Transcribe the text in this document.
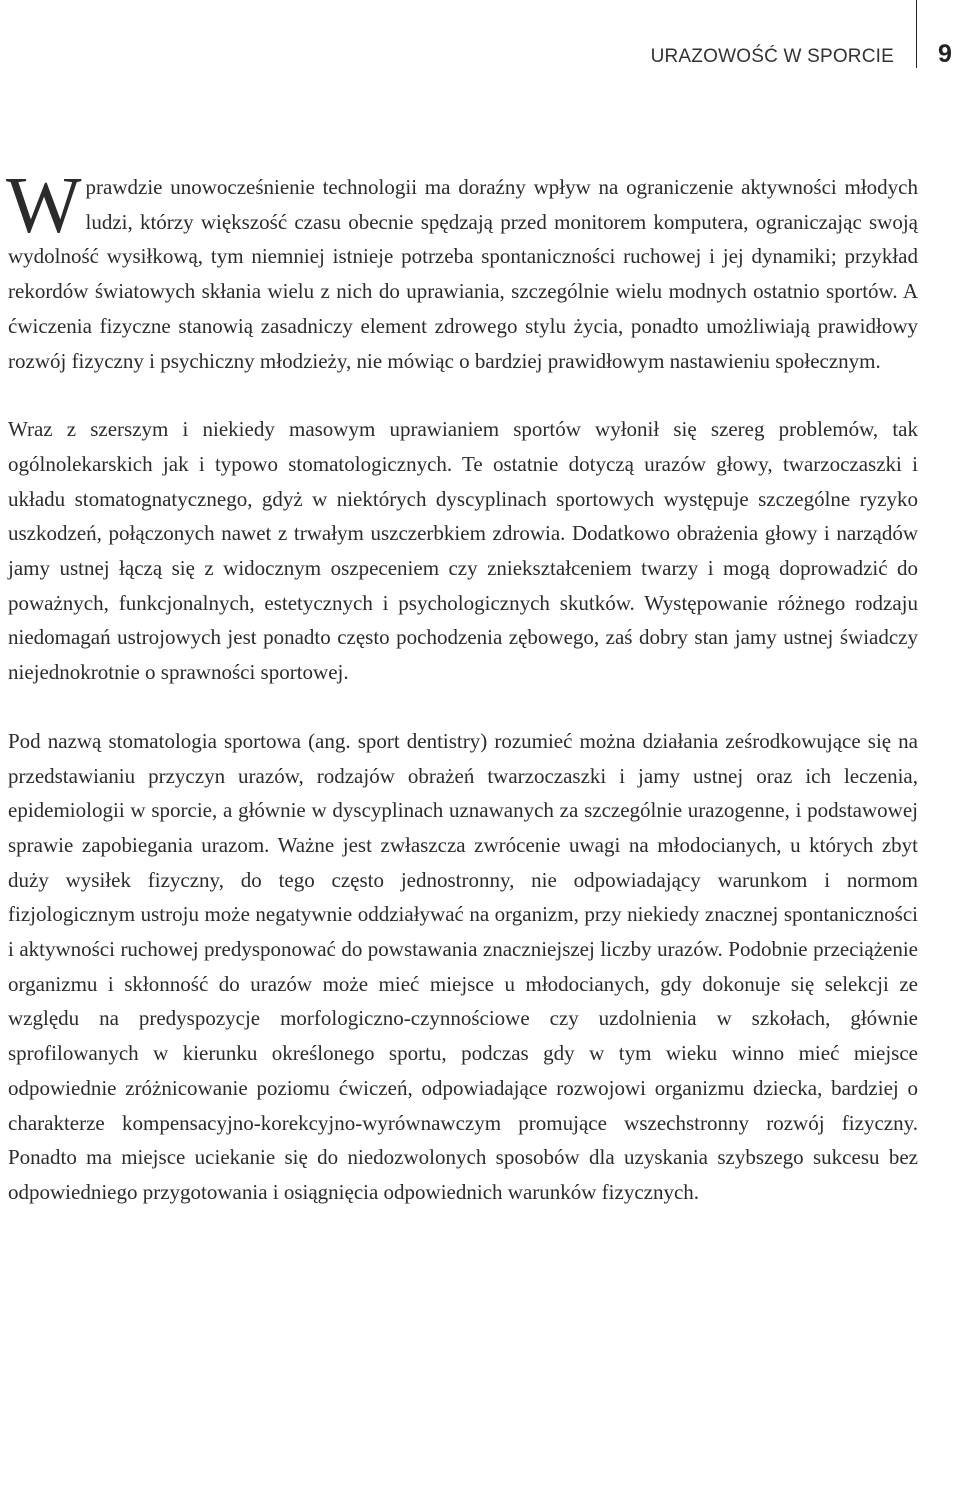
URAZOWOŚĆ W SPORCIE 9

Wprawdzie unowocześnienie technologii ma doraźny wpływ na ograniczenie aktywności młodych ludzi, którzy większość czasu obecnie spędzają przed monitorem komputera, ograniczając swoją wydolność wysiłkową, tym niemniej istnieje potrzeba spontaniczności ruchowej i jej dynamiki; przykład rekordów światowych skłania wielu z nich do uprawiania, szczególnie wielu modnych ostatnio sportów. A ćwiczenia fizyczne stanowią zasadniczy element zdrowego stylu życia, ponadto umożliwiają prawidłowy rozwój fizyczny i psychiczny młodzieży, nie mówiąc o bardziej prawidłowym nastawieniu społecznym.

Wraz z szerszym i niekiedy masowym uprawianiem sportów wyłonił się szereg problemów, tak ogólnolekarskich jak i typowo stomatologicznych. Te ostatnie dotyczą urazów głowy, twarzoczaszki i układu stomatognatycznego, gdyż w niektórych dyscyplinach sportowych występuje szczególne ryzyko uszkodzeń, połączonych nawet z trwałym uszczerbkiem zdrowia. Dodatkowo obrażenia głowy i narządów jamy ustnej łączą się z widocznym oszpeceniem czy zniekształceniem twarzy i mogą doprowadzić do poważnych, funkcjonalnych, estetycznych i psychologicznych skutków. Występowanie różnego rodzaju niedomagań ustrojowych jest ponadto często pochodzenia zębowego, zaś dobry stan jamy ustnej świadczy niejednokrotnie o sprawności sportowej.

Pod nazwą stomatologia sportowa (ang. sport dentistry) rozumieć można działania ześrodkowujące się na przedstawianiu przyczyn urazów, rodzajów obrażeń twarzoczaszki i jamy ustnej oraz ich leczenia, epidemiologii w sporcie, a głównie w dyscyplinach uznawanych za szczególnie urazogenne, i podstawowej sprawie zapobiegania urazom. Ważne jest zwłaszcza zwrócenie uwagi na młodocianych, u których zbyt duży wysiłek fizyczny, do tego często jednostronny, nie odpowiadający warunkom i normom fizjologicznym ustroju może negatywnie oddziaływać na organizm, przy niekiedy znacznej spontaniczności i aktywności ruchowej predysponować do powstawania znaczniejszej liczby urazów. Podobnie przeciążenie organizmu i skłonność do urazów może mieć miejsce u młodocianych, gdy dokonuje się selekcji ze względu na predyspozycje morfologiczno-czynnościowe czy uzdolnienia w szkołach, głównie sprofilowanych w kierunku określonego sportu, podczas gdy w tym wieku winno mieć miejsce odpowiednie zróżnicowanie poziomu ćwiczeń, odpowiadające rozwojowi organizmu dziecka, bardziej o charakterze kompensacyjno-korekcyjno-wyrównawczym promujące wszechstronny rozwój fizyczny. Ponadto ma miejsce uciekanie się do niedozwolonych sposobów dla uzyskania szybszego sukcesu bez odpowiedniego przygotowania i osiągnięcia odpowiednich warunków fizycznych.
